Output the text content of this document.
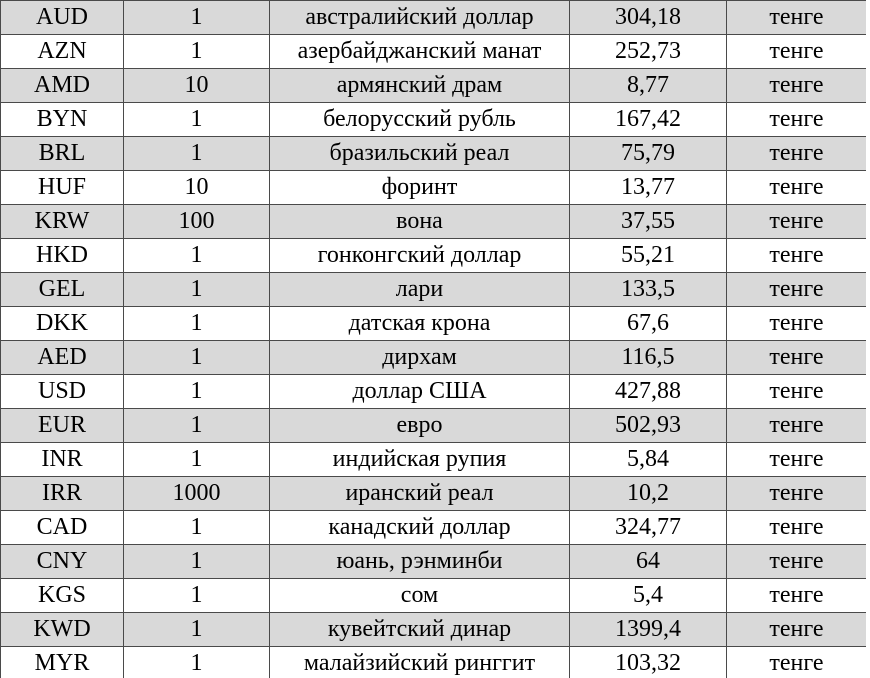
AUD	1	австралийский доллар	304,18	тенге
AZN	1	азербайджанский манат	252,73	тенге
AMD	10	армянский драм	8,77	тенге
BYN	1	белорусский рубль	167,42	тенге
BRL	1	бразильский реал	75,79	тенге
HUF	10	форинт	13,77	тенге
KRW	100	вона	37,55	тенге
HKD	1	гонконгский доллар	55,21	тенге
GEL	1	лари	133,5	тенге
DKK	1	датская крона	67,6	тенге
AED	1	дирхам	116,5	тенге
USD	1	доллар США	427,88	тенге
EUR	1	евро	502,93	тенге
INR	1	индийская рупия	5,84	тенге
IRR	1000	иранский реал	10,2	тенге
CAD	1	канадский доллар	324,77	тенге
CNY	1	юань, рэнминби	64	тенге
KGS	1	сом	5,4	тенге
KWD	1	кувейтский динар	1399,4	тенге
MYR	1	малайзийский ринггит	103,32	тенге
